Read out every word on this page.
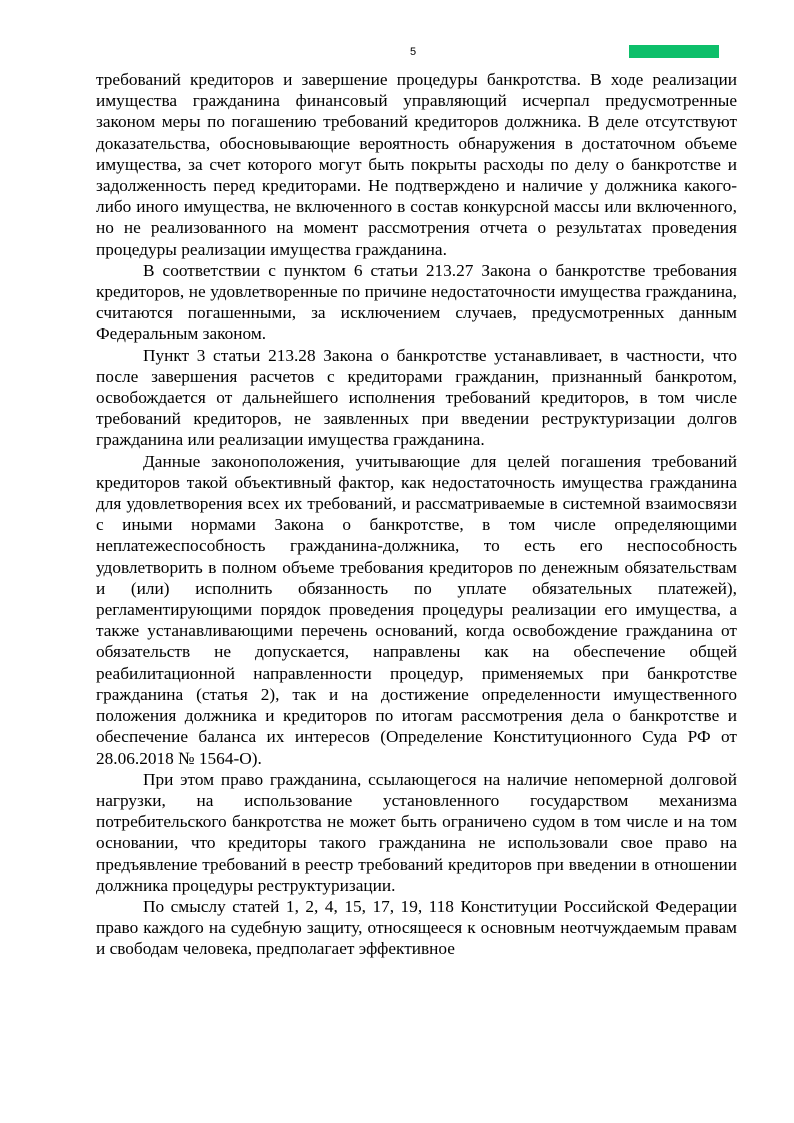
5

требований кредиторов и завершение процедуры банкротства. В ходе реализации имущества гражданина финансовый управляющий исчерпал предусмотренные законом меры по погашению требований кредиторов должника. В деле отсутствуют доказательства, обосновывающие вероятность обнаружения в достаточном объеме имущества, за счет которого могут быть покрыты расходы по делу о банкротстве и задолженность перед кредиторами. Не подтверждено и наличие у должника какого-либо иного имущества, не включенного в состав конкурсной массы или включенного, но не реализованного на момент рассмотрения отчета о результатах проведения процедуры реализации имущества гражданина.

В соответствии с пунктом 6 статьи 213.27 Закона о банкротстве требования кредиторов, не удовлетворенные по причине недостаточности имущества гражданина, считаются погашенными, за исключением случаев, предусмотренных данным Федеральным законом.

Пункт 3 статьи 213.28 Закона о банкротстве устанавливает, в частности, что после завершения расчетов с кредиторами гражданин, признанный банкротом, освобождается от дальнейшего исполнения требований кредиторов, в том числе требований кредиторов, не заявленных при введении реструктуризации долгов гражданина или реализации имущества гражданина.

Данные законоположения, учитывающие для целей погашения требований кредиторов такой объективный фактор, как недостаточность имущества гражданина для удовлетворения всех их требований, и рассматриваемые в системной взаимосвязи с иными нормами Закона о банкротстве, в том числе определяющими неплатежеспособность гражданина-должника, то есть его неспособность удовлетворить в полном объеме требования кредиторов по денежным обязательствам и (или) исполнить обязанность по уплате обязательных платежей), регламентирующими порядок проведения процедуры реализации его имущества, а также устанавливающими перечень оснований, когда освобождение гражданина от обязательств не допускается, направлены как на обеспечение общей реабилитационной направленности процедур, применяемых при банкротстве гражданина (статья 2), так и на достижение определенности имущественного положения должника и кредиторов по итогам рассмотрения дела о банкротстве и обеспечение баланса их интересов (Определение Конституционного Суда РФ от 28.06.2018 № 1564-О).

При этом право гражданина, ссылающегося на наличие непомерной долговой нагрузки, на использование установленного государством механизма потребительского банкротства не может быть ограничено судом в том числе и на том основании, что кредиторы такого гражданина не использовали свое право на предъявление требований в реестр требований кредиторов при введении в отношении должника процедуры реструктуризации.

По смыслу статей 1, 2, 4, 15, 17, 19, 118 Конституции Российской Федерации право каждого на судебную защиту, относящееся к основным неотчуждаемым правам и свободам человека, предполагает эффективное
